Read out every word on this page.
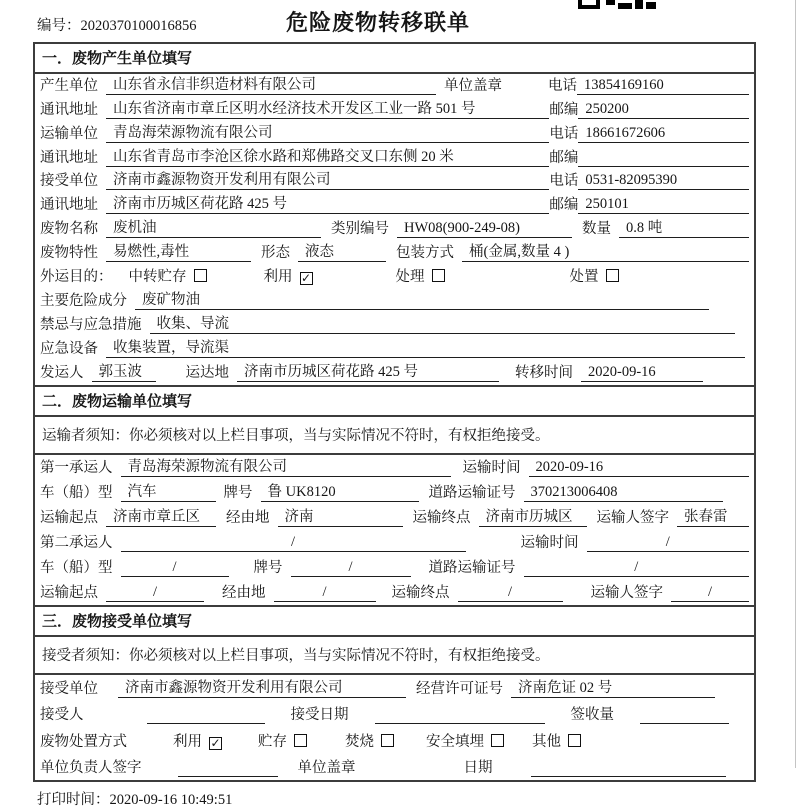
编号：2020370100016856	危险废物转移联单
一．废物产生单位填写
产生单位	山东省永信非织造材料有限公司	单位盖章	电话 13854169160
通讯地址	山东省济南市章丘区明水经济技术开发区工业一路 501 号	邮编 250200
运输单位	青岛海荣源物流有限公司	电话 18661672606
通讯地址	山东省青岛市李沧区徐水路和郑佛路交叉口东侧 20 米	邮编
接受单位	济南市鑫源物资开发利用有限公司	电话 0531-82095390
通讯地址	济南市历城区荷花路 425 号	邮编 250101
废物名称	废机油	类别编号	HW08(900-249-08)	数量	0.8 吨
废物特性	易燃性,毒性	形态	液态	包装方式	桶(金属,数量 4 )
外运目的： 中转贮存	利用 ✓	处理	处置
主要危险成分	废矿物油
禁忌与应急措施	收集、导流
应急设备	收集装置，导流渠
发运人	郭玉波	运达地	济南市历城区荷花路 425 号	转移时间	2020-09-16
二．废物运输单位填写
运输者须知：你必须核对以上栏目事项，当与实际情况不符时，有权拒绝接受。
第一承运人	青岛海荣源物流有限公司	运输时间	2020-09-16
车（船）型	汽车	牌号	鲁 UK8120	道路运输证号	370213006408
运输起点	济南市章丘区	经由地	济南	运输终点	济南市历城区	运输人签字	张春雷
第二承运人	/	运输时间	/
车（船）型	/	牌号	/	道路运输证号	/
运输起点	/	经由地	/	运输终点	/	运输人签字	/
三．废物接受单位填写
接受者须知：你必须核对以上栏目事项，当与实际情况不符时，有权拒绝接受。
接受单位	济南市鑫源物资开发利用有限公司	经营许可证号	济南危证 02 号
接受人	接受日期	签收量
废物处置方式	利用 ✓	贮存	焚烧	安全填埋	其他
单位负责人签字	单位盖章	日期
打印时间：2020-09-16 10:49:51
